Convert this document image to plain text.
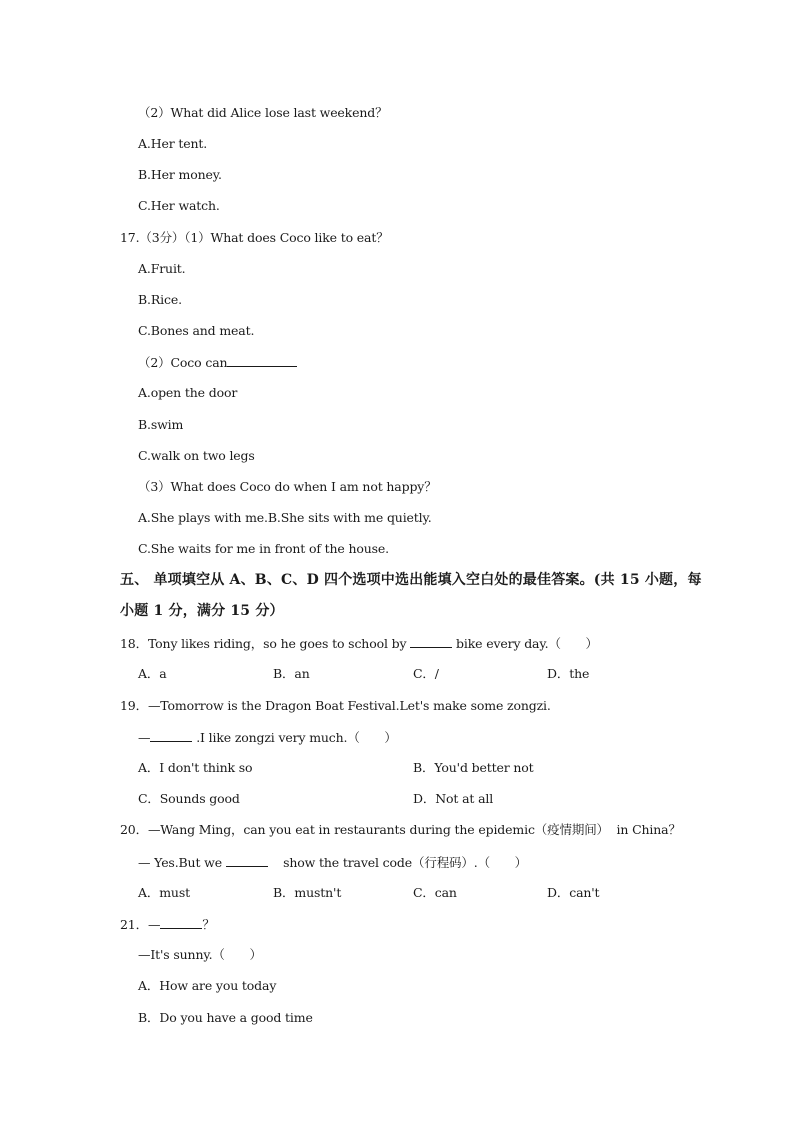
（2）What did Alice lose last weekend？
A.Her tent.
B.Her money.
C.Her watch.
17.（3分）（1）What does Coco like to eat？
A.Fruit.
B.Rice.
C.Bones and meat.
（2）Coco can
A.open the door
B.swim
C.walk on two legs
（3）What does Coco do when I am not happy？
A.She plays with me.B.She sits with me quietly.
C.She waits for me in front of the house.
五、 单项填空从 A、B、C、D 四个选项中选出能填入空白处的最佳答案。(共 15 小题，每
小题 1 分，满分 15 分）
18．Tony likes riding，so he goes to school by	bike every day.（　　）
A．a	B．an	C．/	D．the
19．—Tomorrow is the Dragon Boat Festival.Let's make some zongzi.
—	.I like zongzi very much.（　　）
A．I don't think so	B．You'd better not
C．Sounds good	D．Not at all
20．—Wang Ming，can you eat in restaurants during the epidemic（疫情期间）  in China？
— Yes.But we	show the travel code（行程码）.（　　）
A．must	B．mustn't	C．can	D．can't
21．—	？
—It's sunny.（　　）
A．How are you today
B．Do you have a good time
